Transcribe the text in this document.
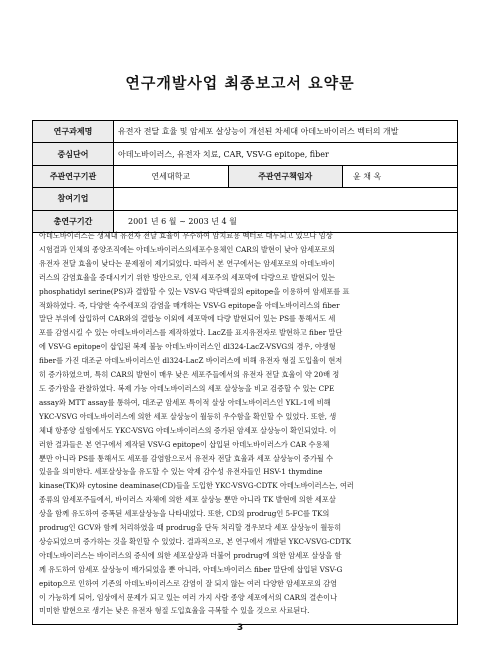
연구개발사업 최종보고서 요약문
연구과제명	유전자 전달 효율 및 암세포 살상능이 개선된 차세대 아데노바이러스 벡터의 개발		
중심단어	아데노바이러스, 유전자 치료, CAR, VSV-G epitope, fiber		
주관연구기관	연세대학교	주관연구책임자	윤 채 옥
참여기업			
총연구기간	2001 년 6 월 ~ 2003 년 4 월		

아데노바이러스는 생체내 유전자 전달 효율이 우수하여 암치료용 벡터로 대두되고 있으나 임상

시험결과 인체의 종양조직에는 아데노바이러스의세포수용체인 CAR의 발현이 낮아 암세포로의

유전자 전달 효율이 낮다는 문제점이 제기되었다. 따라서 본 연구에서는 암세포로의 아데노바이

러스의 감염효율을 증대시키기 위한 방안으로, 인체 세포주의 세포막에 다량으로 발현되어 있는

phosphatidyl serine(PS)과 결합할 수 있는 VSV-G 막단백질의 epitope을 이용하여 암세포를 표

적화하였다. 즉, 다양한 숙주세포의 감염을 매개하는 VSV-G epitope을 아데노바이러스의 fiber

말단 부위에 삽입하여 CAR와의 결합능 이외에 세포막에 다량 발현되어 있는 PS를 통해서도 세

포를 감염시킬 수 있는 아데노바이러스를 제작하였다. LacZ를 표지유전자로 발현하고 fiber 말단

에 VSV-G epitope이 삽입된 복제 불능 아데노바이러스인 dl324-LacZ-VSVG의 경우, 야생형

fiber를 가진 대조군 아데노바이러스인 dl324-LacZ 바이러스에 비해 유전자 형질 도입율이 현저

히 증가하였으며, 특히 CAR의 발현이 매우 낮은 세포주들에서의 유전자 전달 효율이 약 20배 정

도 증가함을 관찰하였다. 복제 가능 아데노바이러스의 세포 살상능을 비교 검증할 수 있는 CPE

assay와 MTT assay를 통하여, 대조군 암세포 특이적 살상 아데노바이러스인 YKL-1에 비해

YKC-VSVG 아데노바이러스에 의한 세포 살상능이 월등히 우수함을 확인할 수 있었다. 또한, 생

체내 항종양 실험에서도 YKC-VSVG 아데노바이러스의 증가된 암세포 살상능이 확인되었다. 이

러한 결과들은 본 연구에서 제작된 VSV-G epitope이 삽입된 아데노바이러스가 CAR 수용체

뿐만 아니라 PS를 통해서도 세포를 감염함으로서 유전자 전달 효율과 세포 살상능이 증가될 수

있음을 의미한다. 세포살상능을 유도할 수 있는 약제 감수성 유전자들인 HSV-1 thymdine

kinase(TK)와 cytosine deaminase(CD)들을 도입한 YKC-VSVG-CDTK 아데노바이러스는, 여러

종류의 암세포주들에서, 바이러스 자체에 의한 세포 살상능 뿐만 아니라 TK 발현에 의한 세포살

상을 함께 유도하여 증폭된 세포살상능을 나타내었다. 또한, CD의 prodrug인 5-FC를 TK의

prodrug인 GCV와 함께 처리하였을 때 prodrug을 단독 처리할 경우보다 세포 살상능이 월등히

상승되었으며 증가하는 것을 확인할 수 있었다. 결과적으로, 본 연구에서 개발된 YKC-VSVG-CDTK

아데노바이러스는 바이러스의 증식에 의한 세포살상과 더불어 prodrug에 의한 암세포 살상을 함

께 유도하여 암세포 살상능이 배가되었을 뿐 아니라, 아데노바이러스 fiber 말단에 삽입된 VSV-G

epitop으로 인하여 기존의 아데노바이러스로 감염이 잘 되지 않는 여러 다양한 암세포로의 감염

이 가능하게 되어, 임상에서 문제가 되고 있는 여러 가지 사람 종양 세포에서의 CAR의 결손이나

미미한 발현으로 생기는 낮은 유전자 형질 도입효율을 극복할 수 있을 것으로 사료된다.

3
